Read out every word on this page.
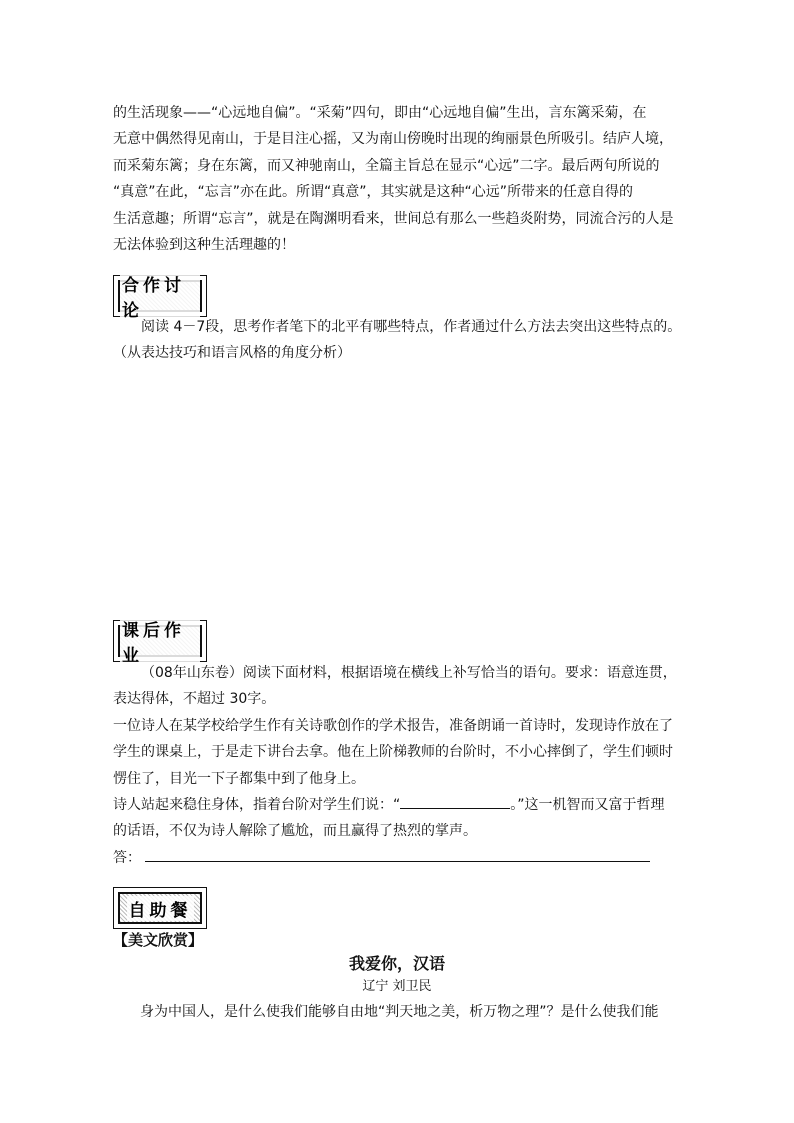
的生活现象——“心远地自偏”。“采菊”四句，即由“心远地自偏”生出，言东篱采菊，在
无意中偶然得见南山，于是目注心摇，又为南山傍晚时出现的绚丽景色所吸引。结庐人境，
而采菊东篱；身在东篱，而又神驰南山，全篇主旨总在显示“心远”二字。最后两句所说的
“真意”在此，“忘言”亦在此。所谓“真意”，其实就是这种“心远”所带来的任意自得的
生活意趣；所谓“忘言”，就是在陶渊明看来，世间总有那么一些趋炎附势，同流合污的人是
无法体验到这种生活理趣的！
合作讨论
阅读 4－7段，思考作者笔下的北平有哪些特点，作者通过什么方法去突出这些特点的。
（从表达技巧和语言风格的角度分析）
课后作业
（08年山东卷）阅读下面材料，根据语境在横线上补写恰当的语句。要求：语意连贯，
表达得体，不超过 30字。
一位诗人在某学校给学生作有关诗歌创作的学术报告，准备朗诵一首诗时，发现诗作放在了
学生的课桌上，于是走下讲台去拿。他在上阶梯教师的台阶时，不小心摔倒了，学生们顿时
愣住了，目光一下子都集中到了他身上。
诗人站起来稳住身体，指着台阶对学生们说：“	。”这一机智而又富于哲理
的话语，不仅为诗人解除了尴尬，而且赢得了热烈的掌声。
答：
自助餐
【美文欣赏】
我爱你，汉语
辽宁 刘卫民
身为中国人，是什么使我们能够自由地“判天地之美，析万物之理”？是什么使我们能
